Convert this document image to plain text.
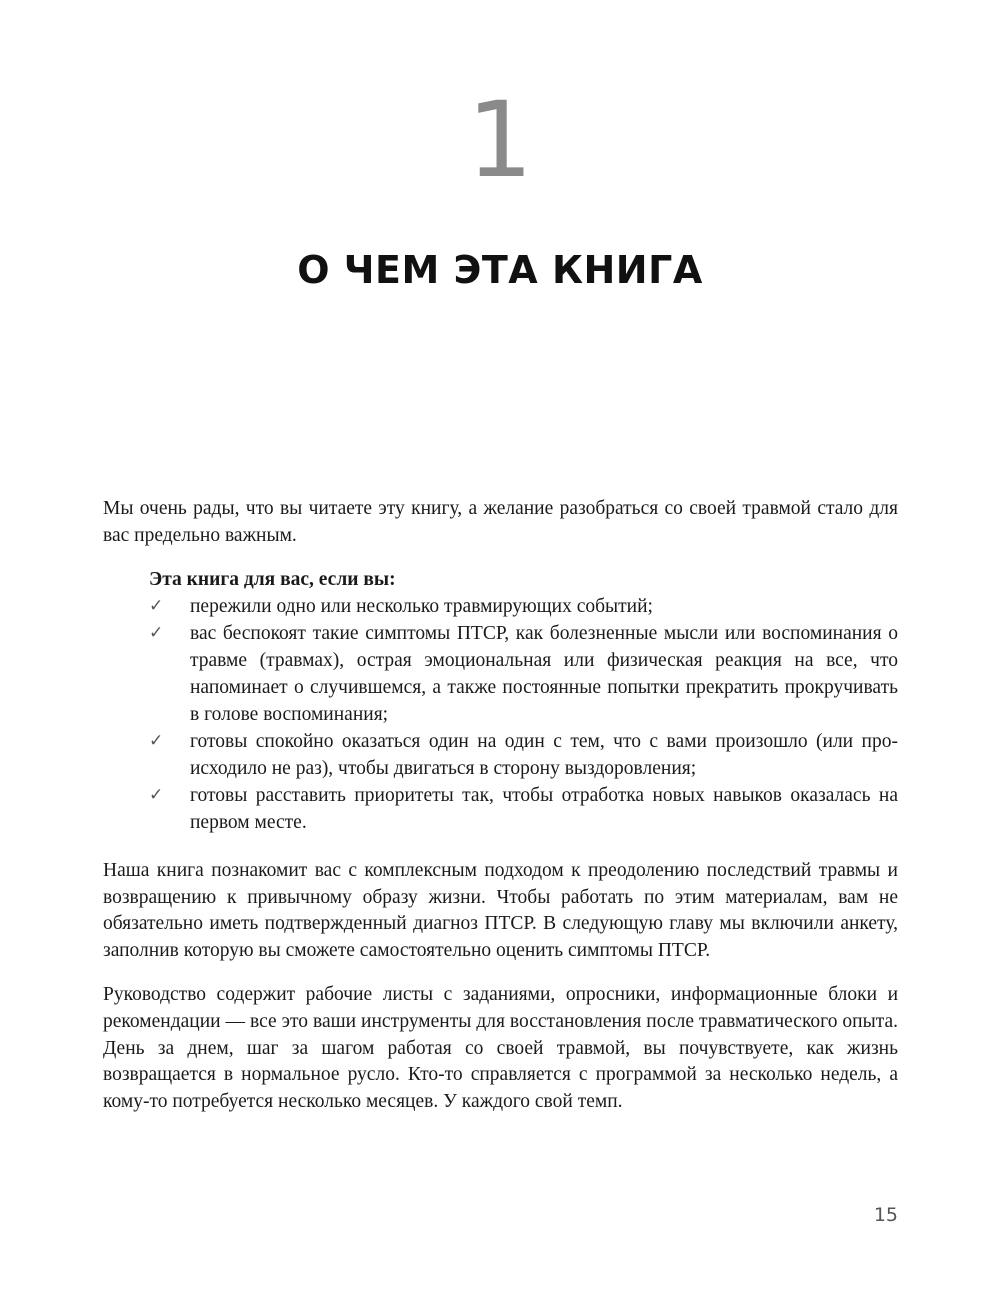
1
О ЧЕМ ЭТА КНИГА

Мы очень рады, что вы читаете эту книгу, а желание разобраться со своей травмой стало для вас предельно важным.

Эта книга для вас, если вы:

✓ пережили одно или несколько травмирующих событий;
✓ вас беспокоят такие симптомы ПТСР, как болезненные мысли или воспоминания о травме (травмах), острая эмоциональная или физическая реакция на все, что напоминает о случившемся, а также постоянные попытки прекратить прокручивать в голове воспоминания;
✓ готовы спокойно оказаться один на один с тем, что с вами произошло (или происходило не раз), чтобы двигаться в сторону выздоровления;
✓ готовы расставить приоритеты так, чтобы отработка новых навыков оказалась на первом месте.

Наша книга познакомит вас с комплексным подходом к преодолению последствий травмы и возвращению к привычному образу жизни. Чтобы работать по этим материалам, вам не обязательно иметь подтвержденный диагноз ПТСР. В следующую главу мы включили анкету, заполнив которую вы сможете самостоятельно оценить симптомы ПТСР.

Руководство содержит рабочие листы с заданиями, опросники, информационные блоки и рекомендации — все это ваши инструменты для восстановления после травматического опыта. День за днем, шаг за шагом работая со своей травмой, вы почувствуете, как жизнь возвращается в нормальное русло. Кто-то справляется с программой за несколько недель, а кому-то потребуется несколько месяцев. У каждого свой темп.

15
